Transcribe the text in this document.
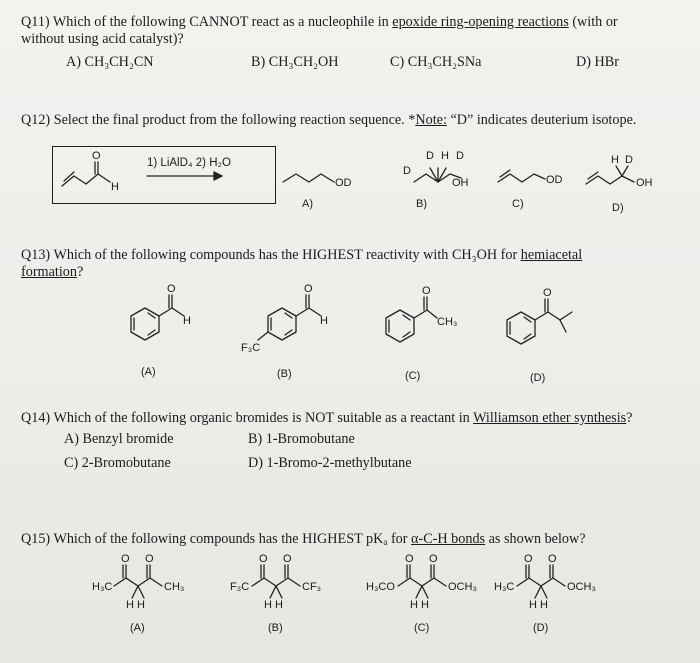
Q11) Which of the following CANNOT react as a nucleophile in epoxide ring-opening reactions (with or
without using acid catalyst)?
A) CH₃CH₂CN	B) CH₃CH₂OH	C) CH₃CH₂SNa	D) HBr
Q12) Select the final product from the following reaction sequence. *Note: “D” indicates deuterium isotope.
O
H
1) LiAlD₄ 2) H₂O
OD
D
D H D
OH	OD
H D
OH
A)	B)	C)	D)
Q13) Which of the following compounds has the HIGHEST reactivity with CH₃OH for hemiacetal
formation?
O
H
O
H
F₃C
O
CH₃
O
(A)	(B)	(C)	(D)
Q14) Which of the following organic bromides is NOT suitable as a reactant in Williamson ether synthesis?
A) Benzyl bromide	B) 1-Bromobutane
C) 2-Bromobutane	D) 1-Bromo-2-methylbutane
Q15) Which of the following compounds has the HIGHEST $pK_a$ for α-C-H bonds as shown below?
O O
H₃C	CH₃
H H
O O
F₃C	CF₃
H H
O O
H₃CO	OCH₃
H H
O O
H₃C	OCH₃
H H
(A)	(B)	(C)	(D)
